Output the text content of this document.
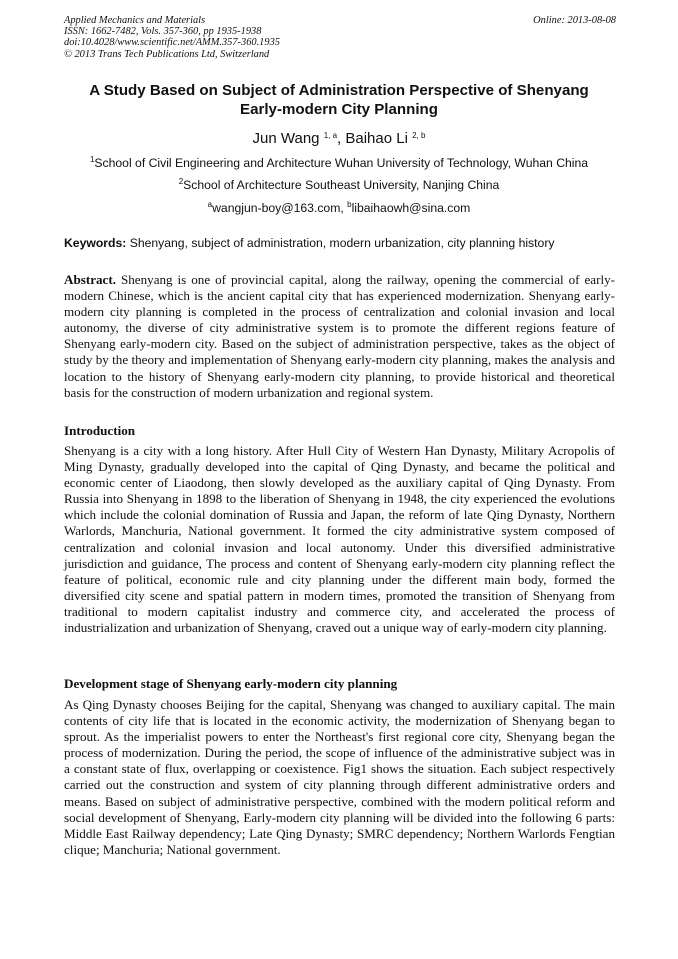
Applied Mechanics and Materials
ISSN: 1662-7482, Vols. 357-360, pp 1935-1938
doi:10.4028/www.scientific.net/AMM.357-360.1935
© 2013 Trans Tech Publications Ltd, Switzerland
Online: 2013-08-08
A Study Based on Subject of Administration Perspective of Shenyang
Early-modern City Planning
Jun Wang $^{1, a}$, Baihao Li $^{2, b}$
$^1$School of Civil Engineering and Architecture Wuhan University of Technology, Wuhan China
$^2$School of Architecture Southeast University, Nanjing China
$^a$wangjun-boy@163.com, $^b$libaihaowh@sina.com
Keywords: Shenyang, subject of administration, modern urbanization, city planning history
Abstract. Shenyang is one of provincial capital, along the railway, opening the commercial of early-modern Chinese, which is the ancient capital city that has experienced modernization. Shenyang early-modern city planning is completed in the process of centralization and colonial invasion and local autonomy, the diverse of city administrative system is to promote the different regions feature of Shenyang early-modern city. Based on the subject of administration perspective, takes as the object of study by the theory and implementation of Shenyang early-modern city planning, makes the analysis and location to the history of Shenyang early-modern city planning, to provide historical and theoretical basis for the construction of modern urbanization and regional system.
Introduction
Shenyang is a city with a long history. After Hull City of Western Han Dynasty, Military Acropolis of Ming Dynasty, gradually developed into the capital of Qing Dynasty, and became the political and economic center of Liaodong, then slowly developed as the auxiliary capital of Qing Dynasty. From Russia into Shenyang in 1898 to the liberation of Shenyang in 1948, the city experienced the evolutions which include the colonial domination of Russia and Japan, the reform of late Qing Dynasty, Northern Warlords, Manchuria, National government. It formed the city administrative system composed of centralization and colonial invasion and local autonomy. Under this diversified administrative jurisdiction and guidance, The process and content of Shenyang early-modern city planning reflect the feature of political, economic rule and city planning under the different main body, formed the diversified city scene and spatial pattern in modern times, promoted the transition of Shenyang from traditional to modern capitalist industry and commerce city, and accelerated the process of industrialization and urbanization of Shenyang, craved out a unique way of early-modern city planning.
Development stage of Shenyang early-modern city planning
As Qing Dynasty chooses Beijing for the capital, Shenyang was changed to auxiliary capital. The main contents of city life that is located in the economic activity, the modernization of Shenyang began to sprout. As the imperialist powers to enter the Northeast's first regional core city, Shenyang began the process of modernization. During the period, the scope of influence of the administrative subject was in a constant state of flux, overlapping or coexistence. Fig1 shows the situation. Each subject respectively carried out the construction and system of city planning through different administrative orders and means. Based on subject of administrative perspective, combined with the modern political reform and social development of Shenyang, Early-modern city planning will be divided into the following 6 parts: Middle East Railway dependency; Late Qing Dynasty; SMRC dependency; Northern Warlords Fengtian clique; Manchuria; National government.
